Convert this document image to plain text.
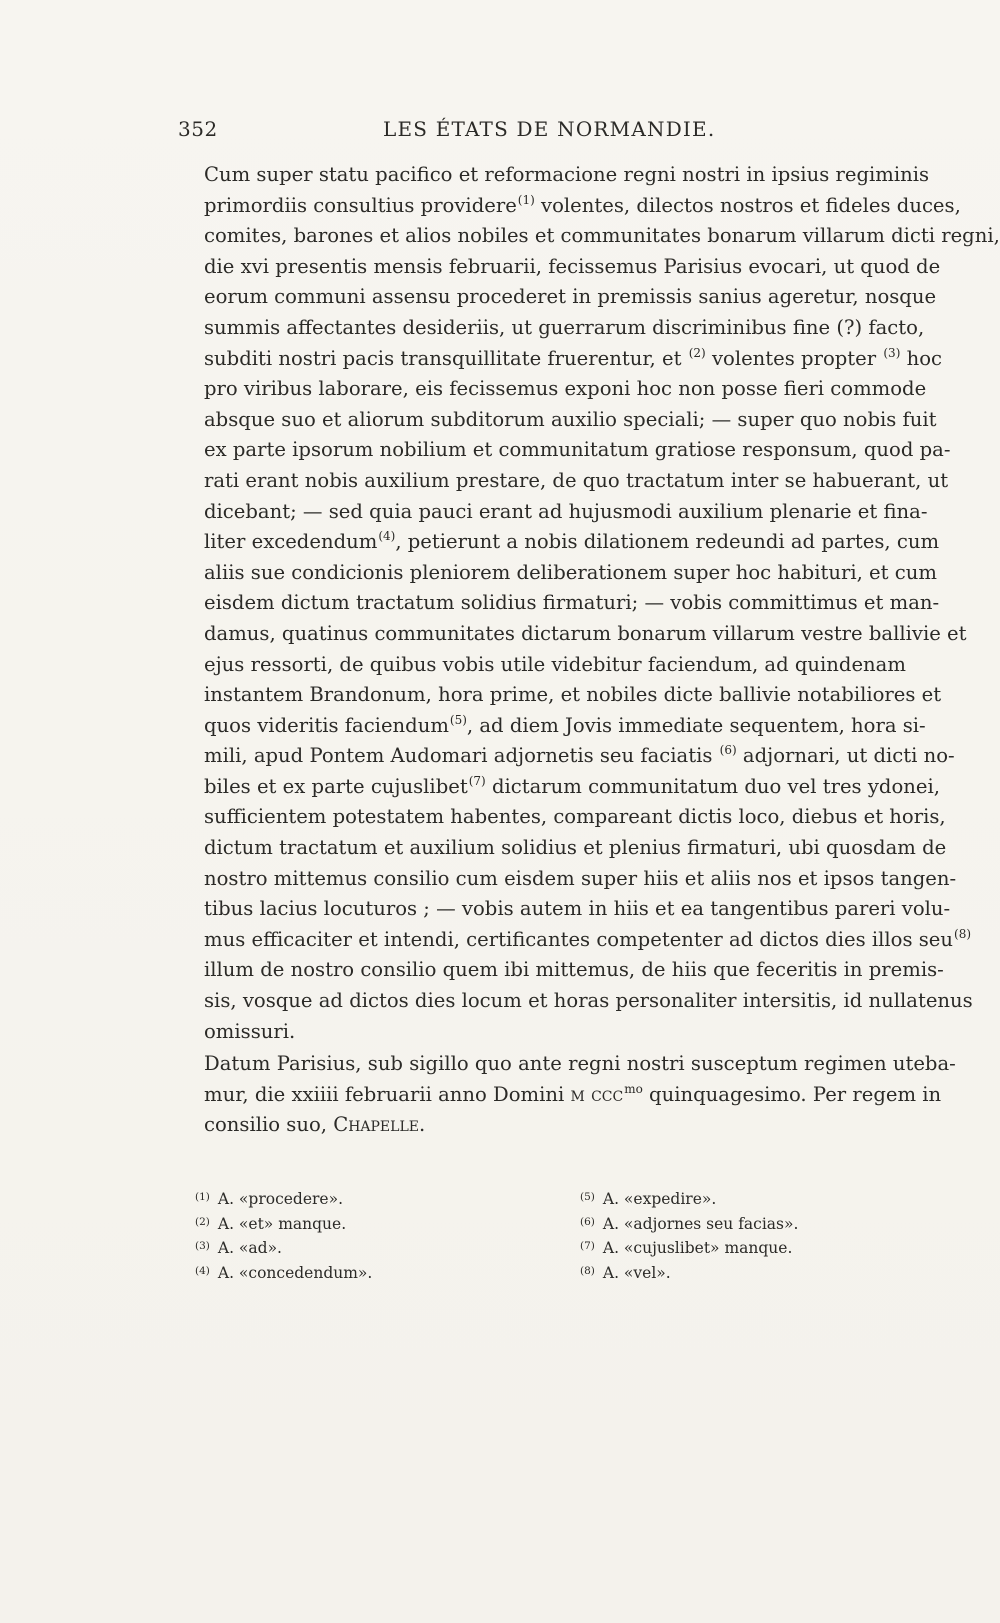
352	LES ÉTATS DE NORMANDIE.

Cum super statu pacifico et reformacione regni nostri in ipsius regiminis
primordiis consultius providere$^{(1)}$ volentes, dilectos nostros et fideles duces,
comites, barones et alios nobiles et communitates bonarum villarum dicti regni,
die xvi presentis mensis februarii, fecissemus Parisius evocari, ut quod de
eorum communi assensu procederet in premissis sanius ageretur, nosque
summis affectantes desideriis, ut guerrarum discriminibus fine (?) facto,
subditi nostri pacis transquillitate fruerentur, et $^{(2)}$ volentes propter $^{(3)}$ hoc
pro viribus laborare, eis fecissemus exponi hoc non posse fieri commode
absque suo et aliorum subditorum auxilio speciali; — super quo nobis fuit
ex parte ipsorum nobilium et communitatum gratiose responsum, quod pa-
rati erant nobis auxilium prestare, de quo tractatum inter se habuerant, ut
dicebant; — sed quia pauci erant ad hujusmodi auxilium plenarie et fina-
liter excedendum$^{(4)}$, petierunt a nobis dilationem redeundi ad partes, cum
aliis sue condicionis pleniorem deliberationem super hoc habituri, et cum
eisdem dictum tractatum solidius firmaturi; — vobis committimus et man-
damus, quatinus communitates dictarum bonarum villarum vestre ballivie et
ejus ressorti, de quibus vobis utile videbitur faciendum, ad quindenam
instantem Brandonum, hora prime, et nobiles dicte ballivie notabiliores et
quos videritis faciendum$^{(5)}$, ad diem Jovis immediate sequentem, hora si-
mili, apud Pontem Audomari adjornetis seu faciatis $^{(6)}$ adjornari, ut dicti no-
biles et ex parte cujuslibet$^{(7)}$ dictarum communitatum duo vel tres ydonei,
sufficientem potestatem habentes, compareant dictis loco, diebus et horis,
dictum tractatum et auxilium solidius et plenius firmaturi, ubi quosdam de
nostro mittemus consilio cum eisdem super hiis et aliis nos et ipsos tangen-
tibus lacius locuturos ; — vobis autem in hiis et ea tangentibus pareri volu-
mus efficaciter et intendi, certificantes competenter ad dictos dies illos seu$^{(8)}$
illum de nostro consilio quem ibi mittemus, de hiis que feceritis in premis-
sis, vosque ad dictos dies locum et horas personaliter intersitis, id nullatenus
omissuri.

Datum Parisius, sub sigillo quo ante regni nostri susceptum regimen uteba-
mur, die xxiiii februarii anno Domini m ccc$^{mo}$ quinquagesimo. Per regem in
consilio suo, Chapelle.

$^{(1)}$ A. «procedere».
$^{(2)}$ A. «et» manque.
$^{(3)}$ A. «ad».
$^{(4)}$ A. «concedendum».
$^{(5)}$ A. «expedire».
$^{(6)}$ A. «adjornes seu facias».
$^{(7)}$ A. «cujuslibet» manque.
$^{(8)}$ A. «vel».
